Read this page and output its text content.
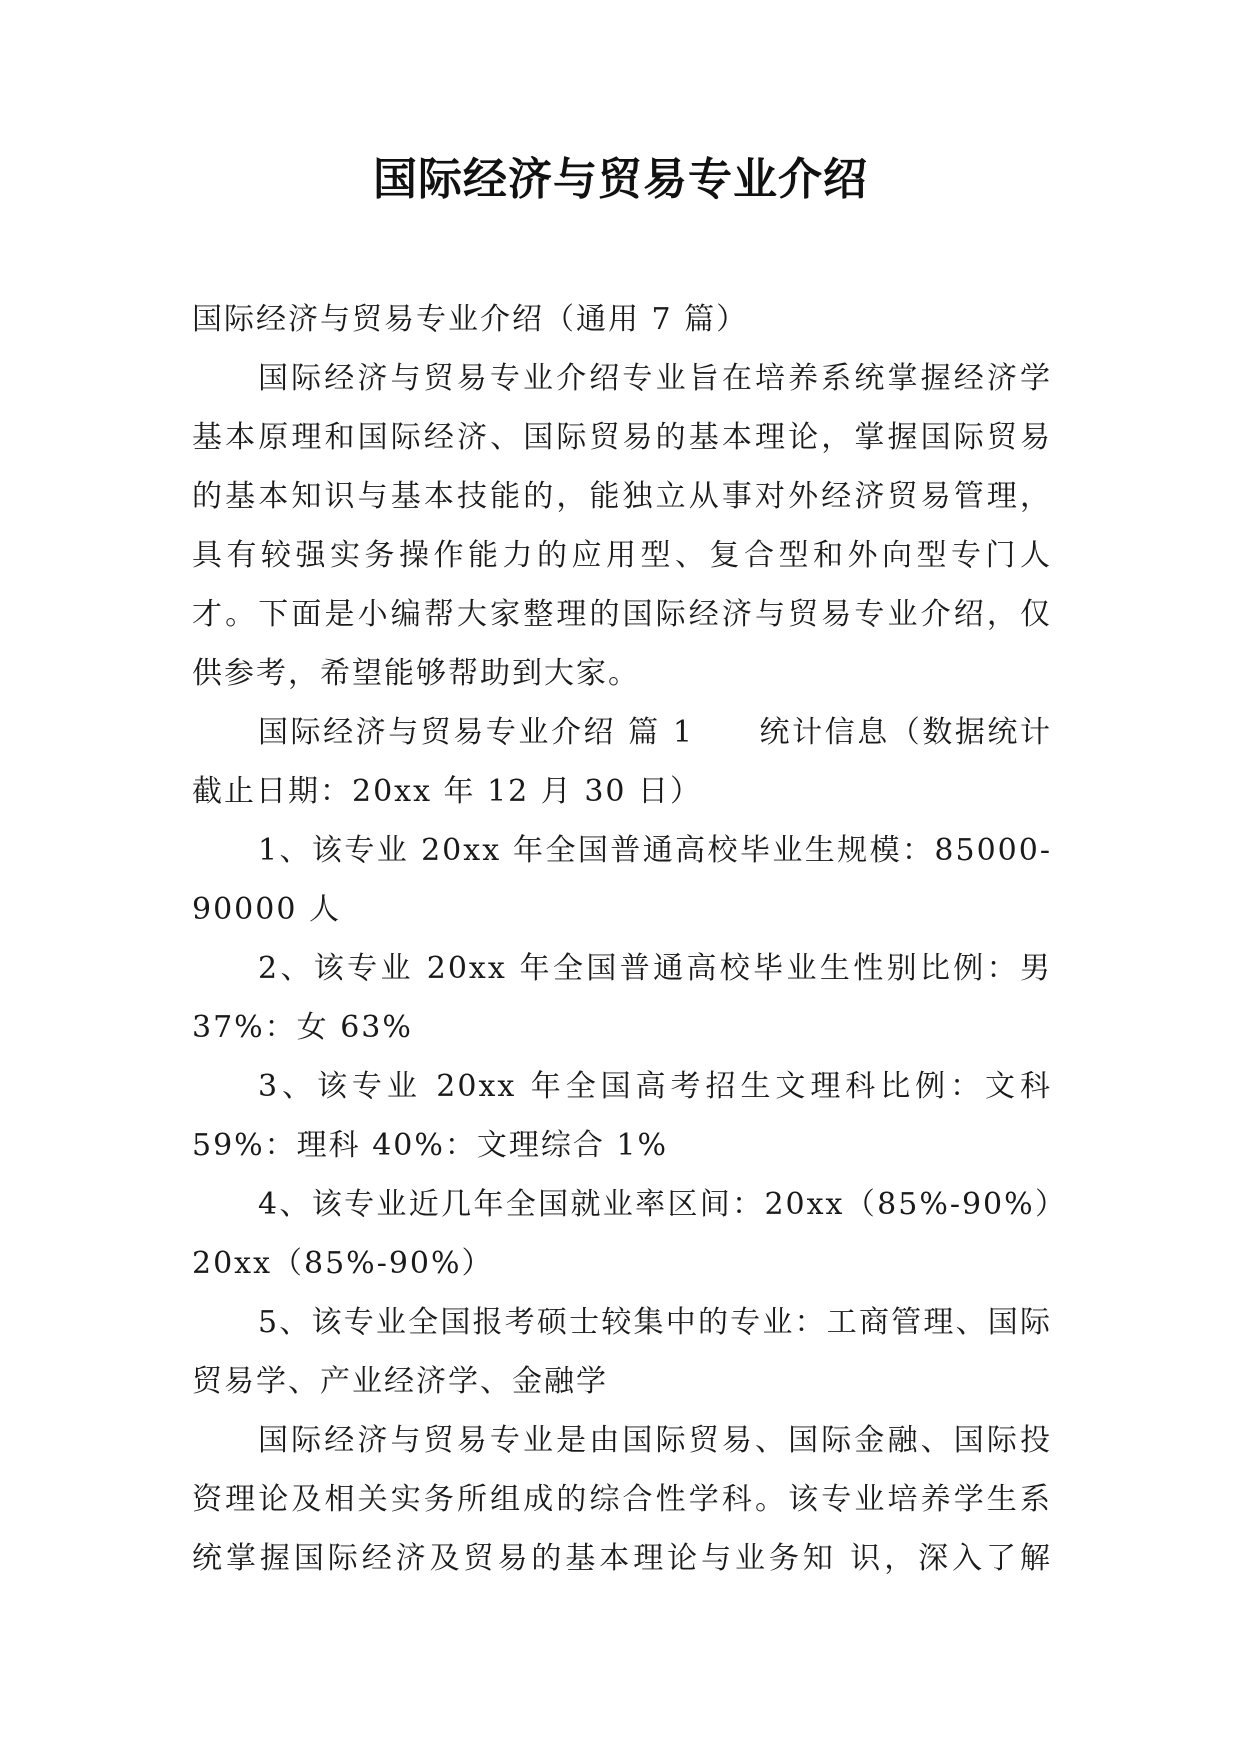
国际经济与贸易专业介绍

国际经济与贸易专业介绍（通用 7 篇）

国际经济与贸易专业介绍专业旨在培养系统掌握经济学基本原理和国际经济、国际贸易的基本理论，掌握国际贸易的基本知识与基本技能的，能独立从事对外经济贸易管理，具有较强实务操作能力的应用型、复合型和外向型专门人才。下面是小编帮大家整理的国际经济与贸易专业介绍，仅供参考，希望能够帮助到大家。

国际经济与贸易专业介绍 篇 1　　统计信息（数据统计截止日期：20xx 年 12 月 30 日）

1、该专业 20xx 年全国普通高校毕业生规模：85000-90000 人

2、该专业 20xx 年全国普通高校毕业生性别比例：男 37%：女 63%

3、该专业 20xx 年全国高考招生文理科比例：文科 59%：理科 40%：文理综合 1%

4、该专业近几年全国就业率区间：20xx（85%-90%）20xx（85%-90%）

5、该专业全国报考硕士较集中的专业：工商管理、国际贸易学、产业经济学、金融学

国际经济与贸易专业是由国际贸易、国际金融、国际投资理论及相关实务所组成的综合性学科。该专业培养学生系统掌握国际经济及贸易的基本理论与业务知 识，深入了解
